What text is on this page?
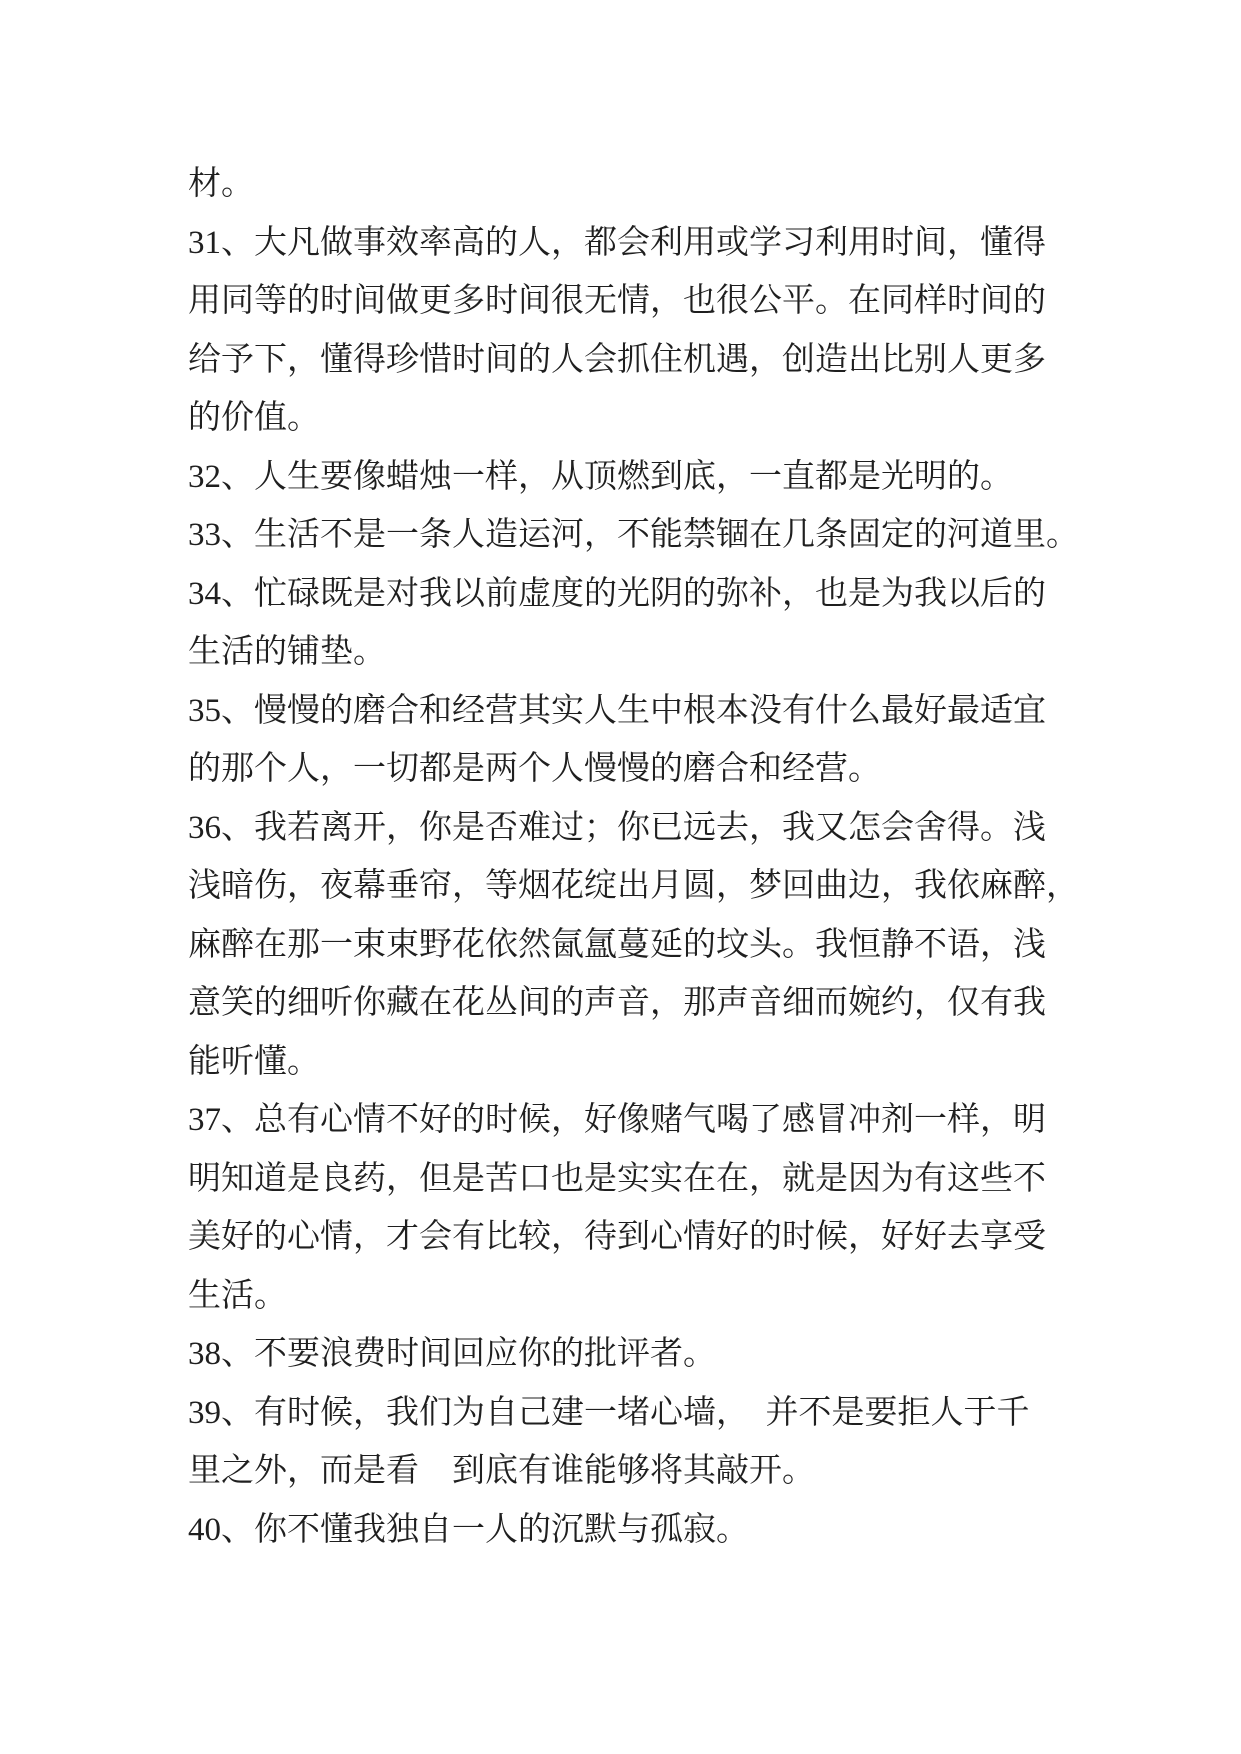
材。
31、大凡做事效率高的人，都会利用或学习利用时间，懂得
用同等的时间做更多时间很无情，也很公平。在同样时间的
给予下，懂得珍惜时间的人会抓住机遇，创造出比别人更多
的价值。
32、人生要像蜡烛一样，从顶燃到底，一直都是光明的。
33、生活不是一条人造运河，不能禁锢在几条固定的河道里。
34、忙碌既是对我以前虚度的光阴的弥补，也是为我以后的
生活的铺垫。
35、慢慢的磨合和经营其实人生中根本没有什么最好最适宜
的那个人，一切都是两个人慢慢的磨合和经营。
36、我若离开，你是否难过；你已远去，我又怎会舍得。浅
浅暗伤，夜幕垂帘，等烟花绽出月圆，梦回曲边，我依麻醉，
麻醉在那一束束野花依然氤氲蔓延的坟头。我恒静不语，浅
意笑的细听你藏在花丛间的声音，那声音细而婉约，仅有我
能听懂。
37、总有心情不好的时候，好像赌气喝了感冒冲剂一样，明
明知道是良药，但是苦口也是实实在在，就是因为有这些不
美好的心情，才会有比较，待到心情好的时候，好好去享受
生活。
38、不要浪费时间回应你的批评者。
39、有时候，我们为自己建一堵心墙，　并不是要拒人于千
里之外，而是看　到底有谁能够将其敲开。
40、你不懂我独自一人的沉默与孤寂。
